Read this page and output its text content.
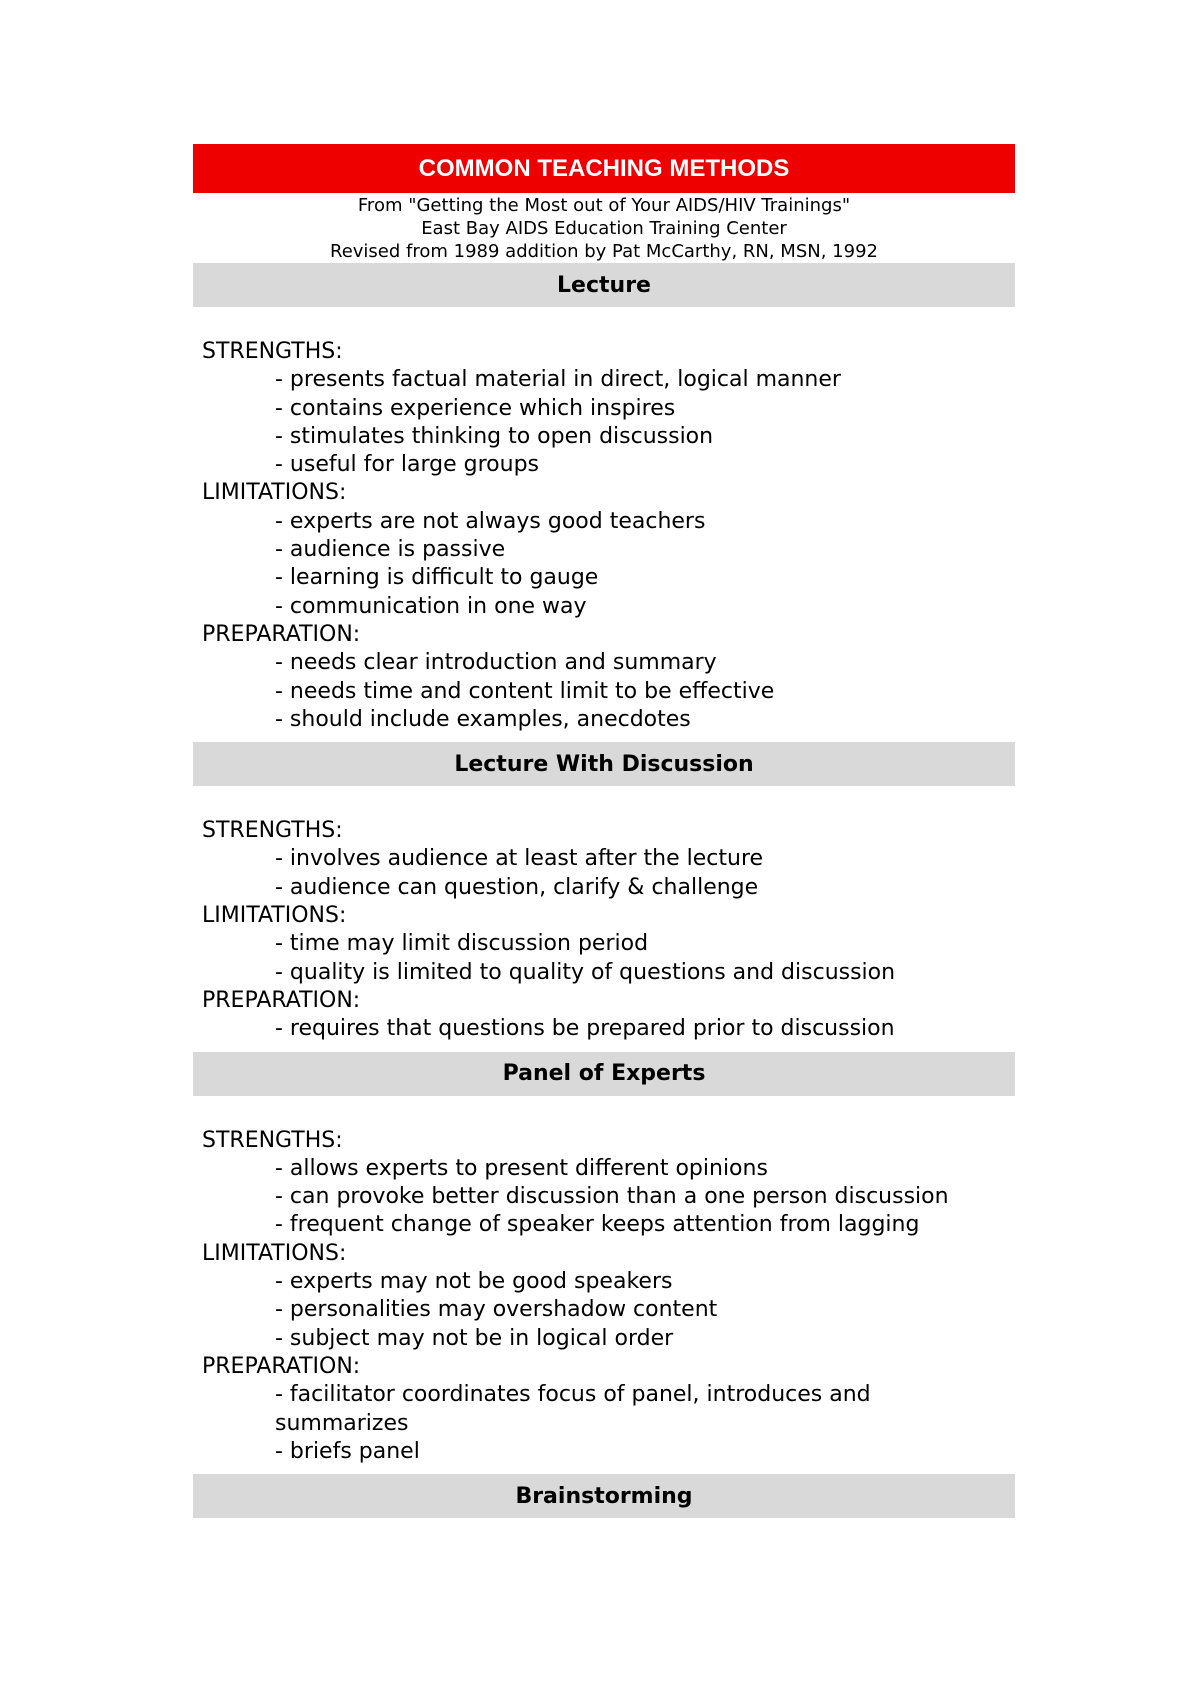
COMMON TEACHING METHODS
From "Getting the Most out of Your AIDS/HIV Trainings"
East Bay AIDS Education Training Center
Revised from 1989 addition by Pat McCarthy, RN, MSN, 1992
Lecture
STRENGTHS:
- presents factual material in direct, logical manner
- contains experience which inspires
- stimulates thinking to open discussion
- useful for large groups
LIMITATIONS:
- experts are not always good teachers
- audience is passive
- learning is difficult to gauge
- communication in one way
PREPARATION:
- needs clear introduction and summary
- needs time and content limit to be effective
- should include examples, anecdotes
Lecture With Discussion
STRENGTHS:
- involves audience at least after the lecture
- audience can question, clarify & challenge
LIMITATIONS:
- time may limit discussion period
- quality is limited to quality of questions and discussion
PREPARATION:
- requires that questions be prepared prior to discussion
Panel of Experts
STRENGTHS:
- allows experts to present different opinions
- can provoke better discussion than a one person discussion
- frequent change of speaker keeps attention from lagging
LIMITATIONS:
- experts may not be good speakers
- personalities may overshadow content
- subject may not be in logical order
PREPARATION:
- facilitator coordinates focus of panel, introduces and summarizes
- briefs panel
Brainstorming
